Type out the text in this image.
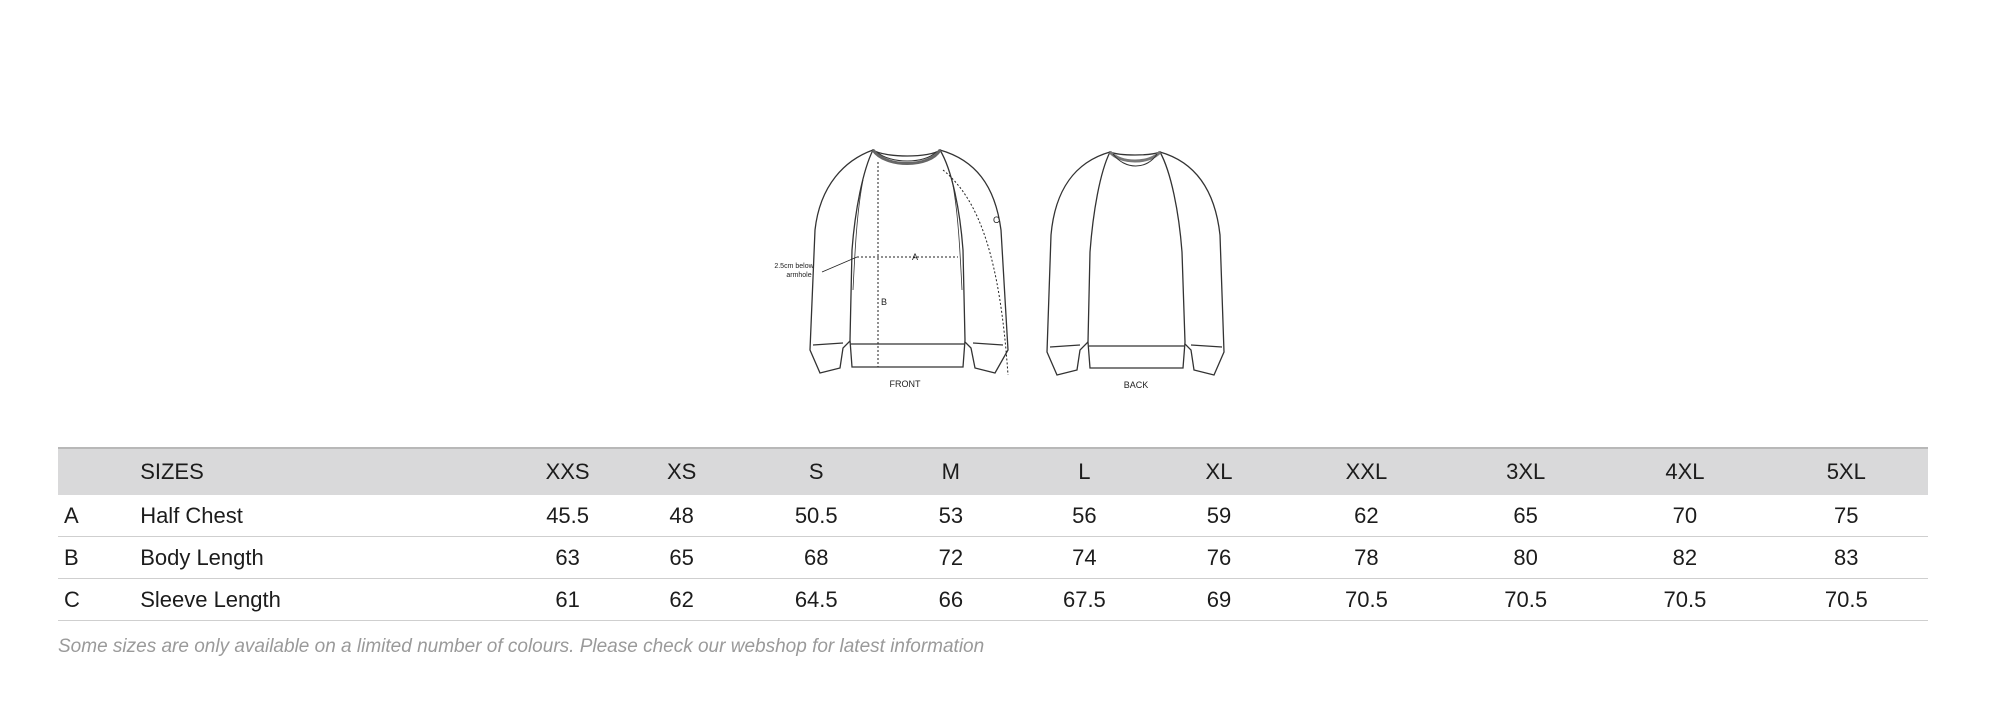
2.5cm below
armhole
A
B
C
FRONT	BACK
	SIZES	XXS	XS	S	M	L	XL	XXL	3XL	4XL	5XL
A	Half Chest	45.5	48	50.5	53	56	59	62	65	70	75
B	Body Length	63	65	68	72	74	76	78	80	82	83
C	Sleeve Length	61	62	64.5	66	67.5	69	70.5	70.5	70.5	70.5
Some sizes are only available on a limited number of colours. Please check our webshop for latest information
